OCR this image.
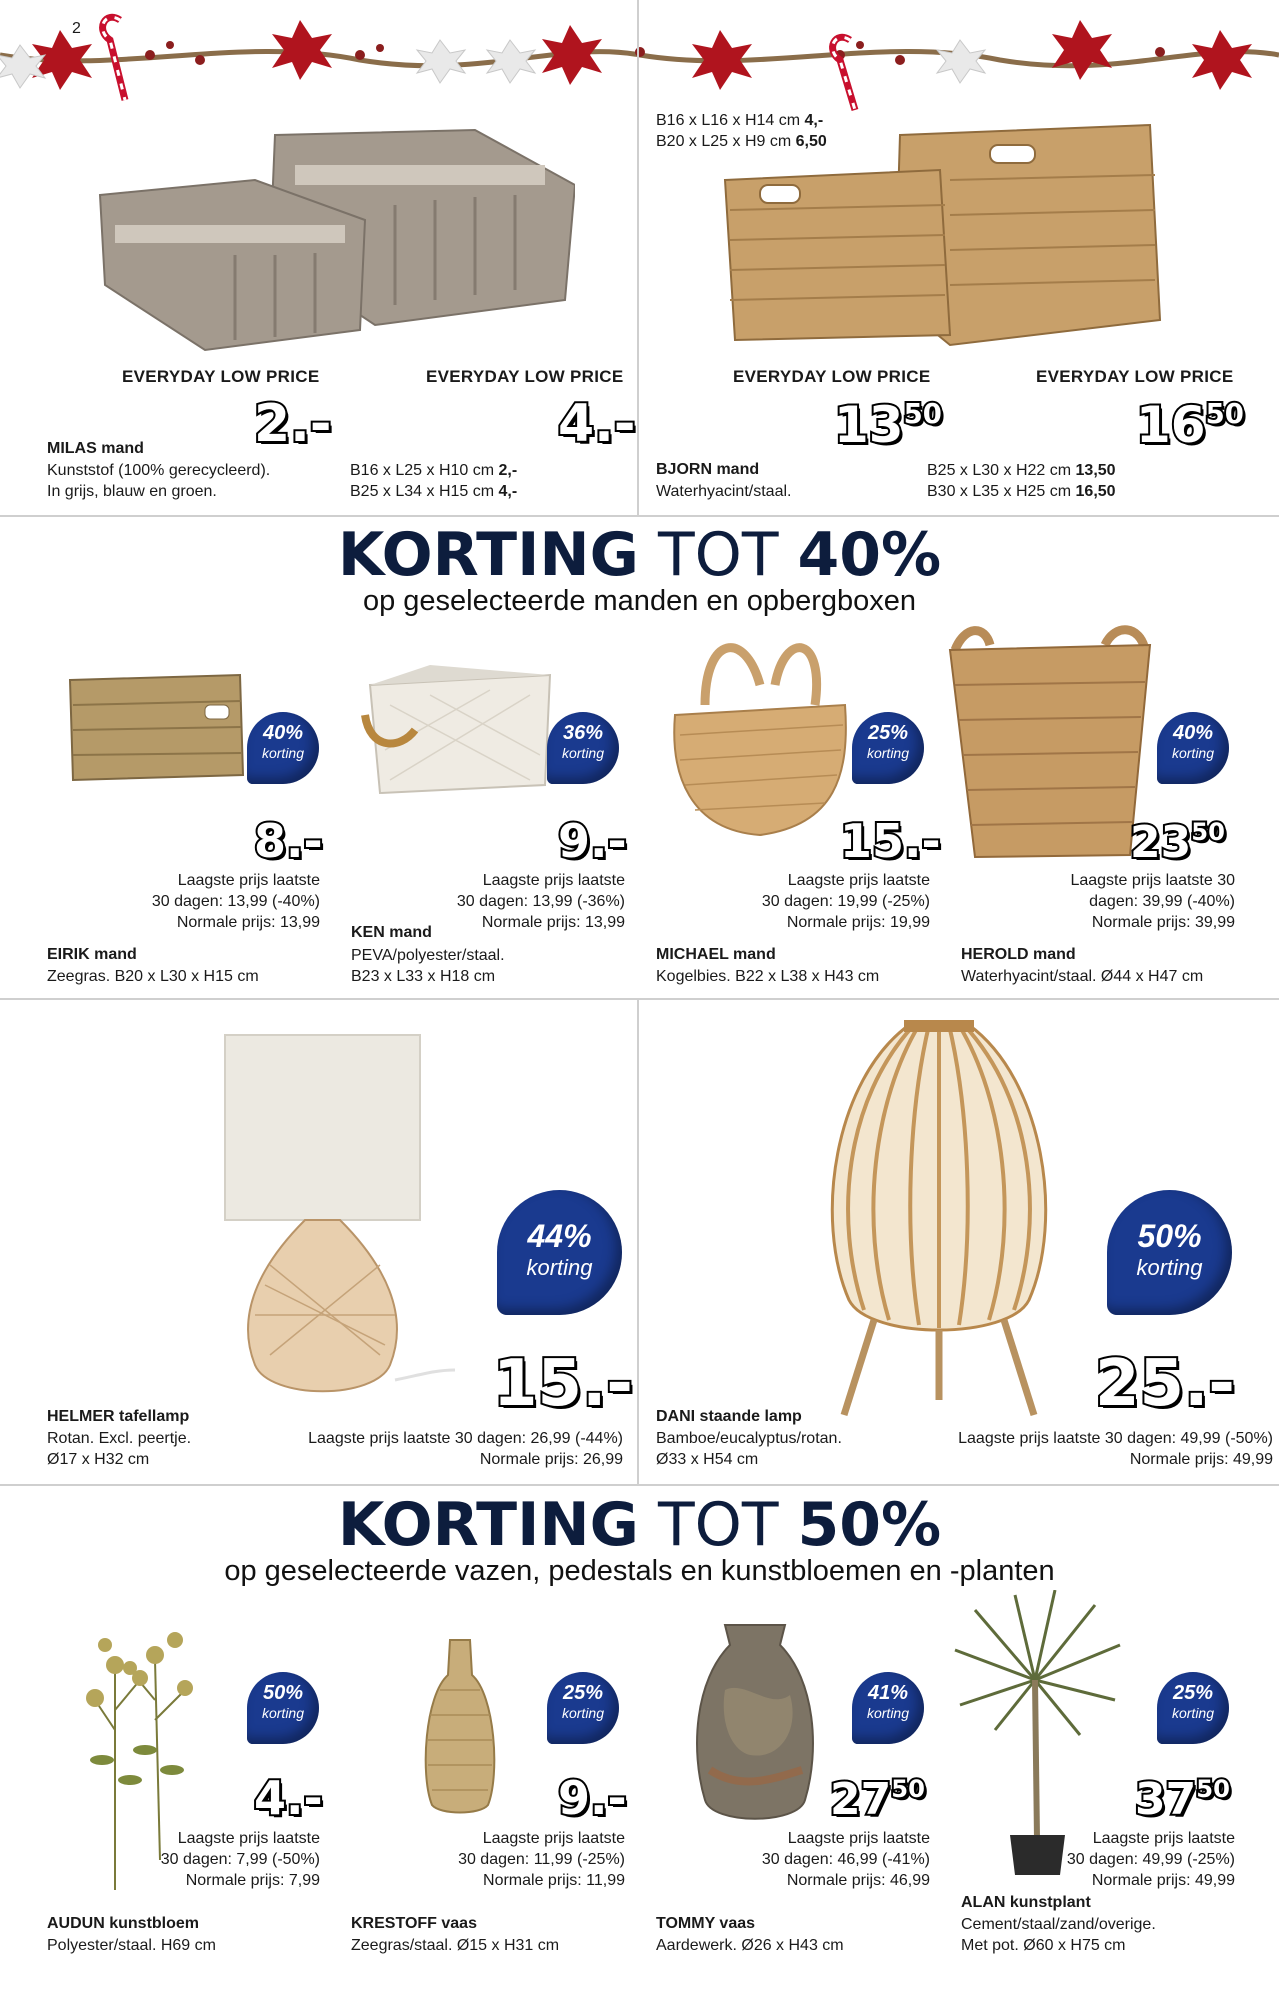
2
EVERYDAY LOW PRICE	EVERYDAY LOW PRICE
2.-	4.-
MILAS mand
Kunststof (100% gerecycleerd).
In grijs, blauw en groen.
B16 x L25 x H10 cm 2,-
B25 x L34 x H15 cm 4,-
B16 x L16 x H14 cm 4,-
B20 x L25 x H9 cm 6,50
EVERYDAY LOW PRICE	EVERYDAY LOW PRICE
$13^{50}$	$16^{50}$
BJORN mand
Waterhyacint/staal.
B25 x L30 x H22 cm 13,50
B30 x L35 x H25 cm 16,50
KORTING TOT 40%
op geselecteerde manden en opbergboxen
40%
korting
8.-
Laagste prijs laatste
30 dagen: 13,99 (-40%)
Normale prijs: 13,99
EIRIK mand
Zeegras. B20 x L30 x H15 cm
36%
korting
9.-
Laagste prijs laatste
30 dagen: 13,99 (-36%)
Normale prijs: 13,99
KEN mand
PEVA/polyester/staal.
B23 x L33 x H18 cm
25%
korting
15.-
Laagste prijs laatste
30 dagen: 19,99 (-25%)
Normale prijs: 19,99
MICHAEL mand
Kogelbies. B22 x L38 x H43 cm
40%
korting
$23^{50}$
Laagste prijs laatste 30
dagen: 39,99 (-40%)
Normale prijs: 39,99
HEROLD mand
Waterhyacint/staal. Ø44 x H47 cm
44%
korting
15.-
HELMER tafellamp
Rotan. Excl. peertje.
Ø17 x H32 cm
Laagste prijs laatste 30 dagen: 26,99 (-44%)
Normale prijs: 26,99
50%
korting
25.-
DANI staande lamp
Bamboe/eucalyptus/rotan.
Ø33 x H54 cm
Laagste prijs laatste 30 dagen: 49,99 (-50%)
Normale prijs: 49,99
KORTING TOT 50%
op geselecteerde vazen, pedestals en kunstbloemen en -planten
50%
korting
4.-
Laagste prijs laatste
30 dagen: 7,99 (-50%)
Normale prijs: 7,99
AUDUN kunstbloem
Polyester/staal. H69 cm
25%
korting
9.-
Laagste prijs laatste
30 dagen: 11,99 (-25%)
Normale prijs: 11,99
KRESTOFF vaas
Zeegras/staal. Ø15 x H31 cm
41%
korting
$27^{50}$
Laagste prijs laatste
30 dagen: 46,99 (-41%)
Normale prijs: 46,99
TOMMY vaas
Aardewerk. Ø26 x H43 cm
25%
korting
$37^{50}$
Laagste prijs laatste
30 dagen: 49,99 (-25%)
Normale prijs: 49,99
ALAN kunstplant
Cement/staal/zand/overige.
Met pot. Ø60 x H75 cm
